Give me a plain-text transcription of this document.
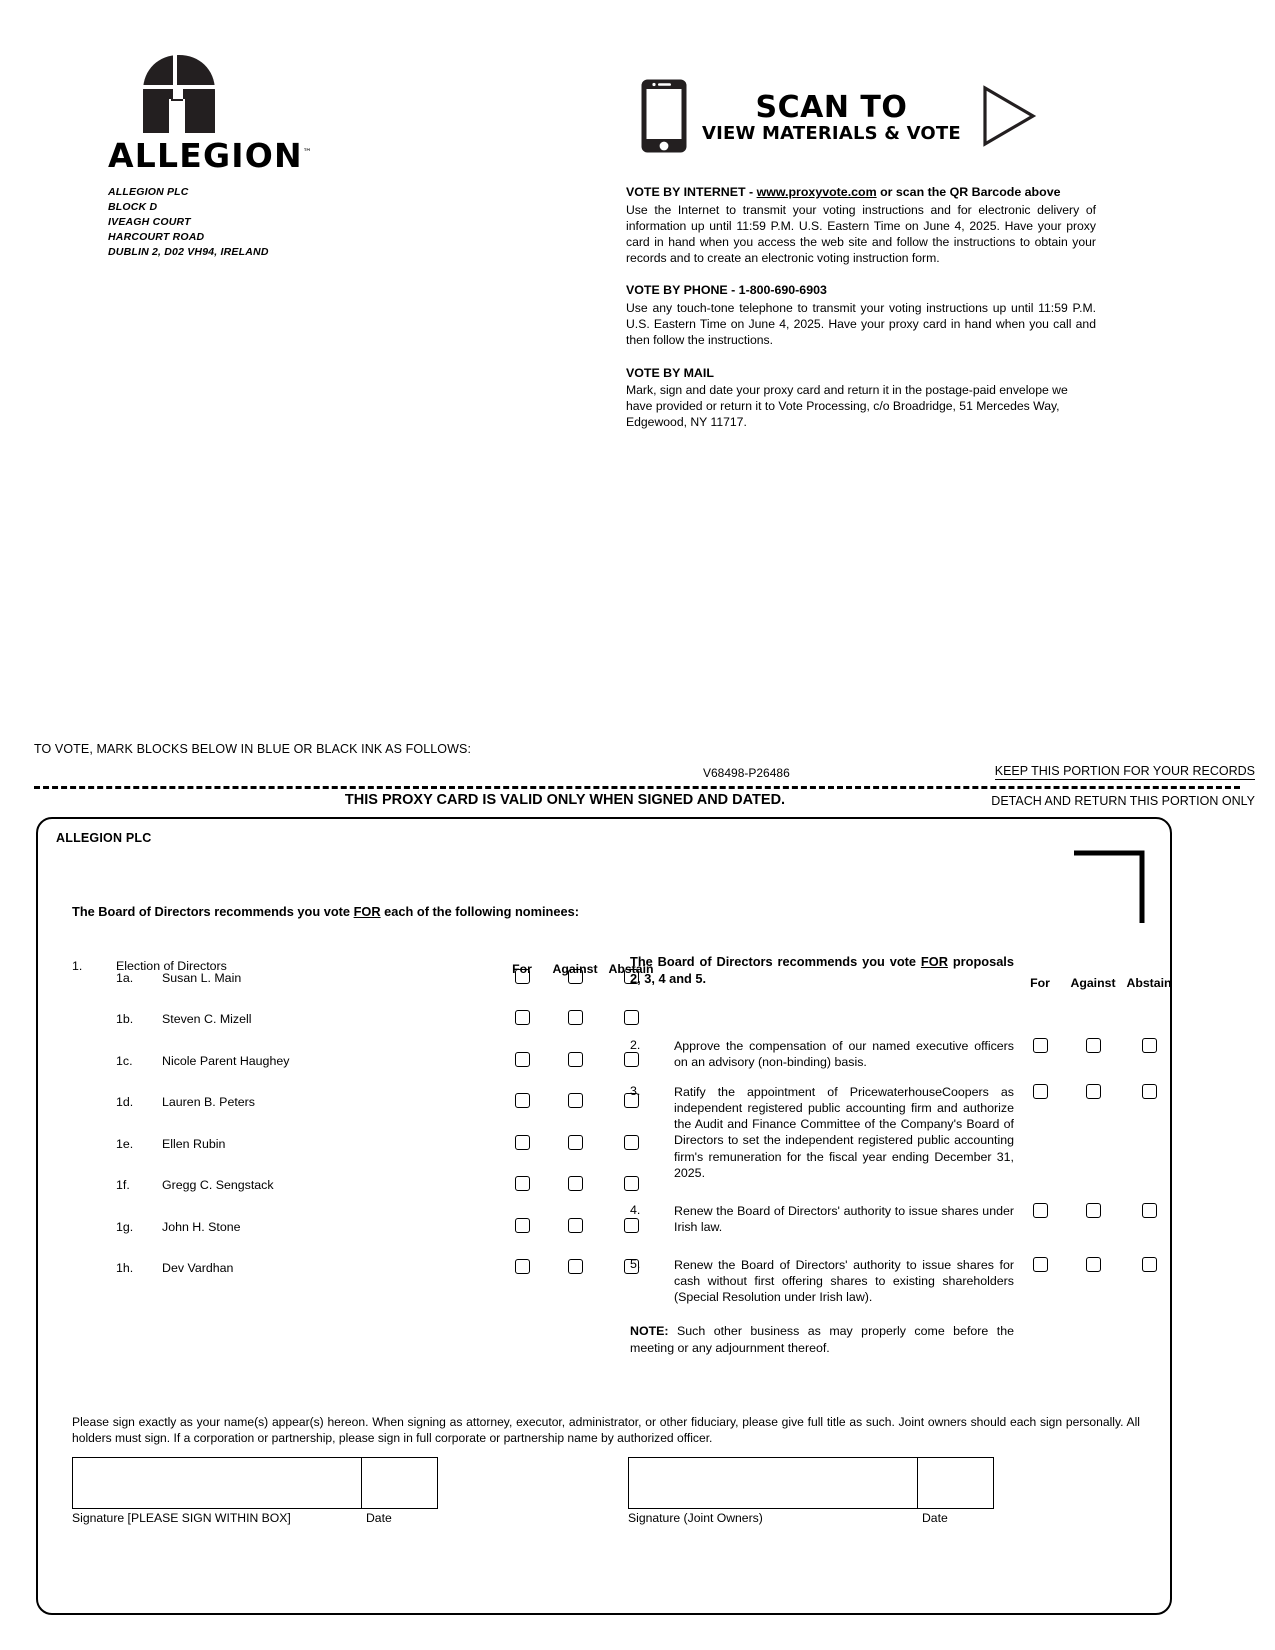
ALLEGION™
ALLEGION PLC
BLOCK D
IVEAGH COURT
HARCOURT ROAD
DUBLIN 2, D02 VH94, IRELAND
SCAN TO
VIEW MATERIALS & VOTE
VOTE BY INTERNET - www.proxyvote.com or scan the QR Barcode above
Use the Internet to transmit your voting instructions and for electronic delivery of information up until 11:59 P.M. U.S. Eastern Time on June 4, 2025. Have your proxy card in hand when you access the web site and follow the instructions to obtain your records and to create an electronic voting instruction form.
VOTE BY PHONE - 1-800-690-6903
Use any touch-tone telephone to transmit your voting instructions up until 11:59 P.M. U.S. Eastern Time on June 4, 2025. Have your proxy card in hand when you call and then follow the instructions.
VOTE BY MAIL
Mark, sign and date your proxy card and return it in the postage-paid envelope we have provided or return it to Vote Processing, c/o Broadridge, 51 Mercedes Way, Edgewood, NY 11717.
TO VOTE, MARK BLOCKS BELOW IN BLUE OR BLACK INK AS FOLLOWS:
V68498-P26486	KEEP THIS PORTION FOR YOUR RECORDS
THIS PROXY CARD IS VALID ONLY WHEN SIGNED AND DATED.	DETACH AND RETURN THIS PORTION ONLY
ALLEGION PLC
The Board of Directors recommends you vote FOR each of the following nominees:
1.	Election of Directors	For	Against Abstain
1a. Susan L. Main
1b. Steven C. Mizell
1c. Nicole Parent Haughey
1d. Lauren B. Peters
1e. Ellen Rubin
1f.	Gregg C. Sengstack
1g. John H. Stone
1h. Dev Vardhan
The Board of Directors recommends you vote FOR proposals 2, 3, 4 and 5.	For	Against Abstain
2.	Approve the compensation of our named executive officers on an advisory (non-binding) basis.
3.	Ratify the appointment of PricewaterhouseCoopers as independent registered public accounting firm and authorize the Audit and Finance Committee of the Company's Board of Directors to set the independent registered public accounting firm's remuneration for the fiscal year ending December 31, 2025.
4.	Renew the Board of Directors' authority to issue shares under Irish law.
5.	Renew the Board of Directors' authority to issue shares for cash without first offering shares to existing shareholders (Special Resolution under Irish law).
NOTE: Such other business as may properly come before the meeting or any adjournment thereof.
Please sign exactly as your name(s) appear(s) hereon. When signing as attorney, executor, administrator, or other fiduciary, please give full title as such. Joint owners should each sign personally. All holders must sign. If a corporation or partnership, please sign in full corporate or partnership name by authorized officer.
Signature [PLEASE SIGN WITHIN BOX]	Date	Signature (Joint Owners)	Date
